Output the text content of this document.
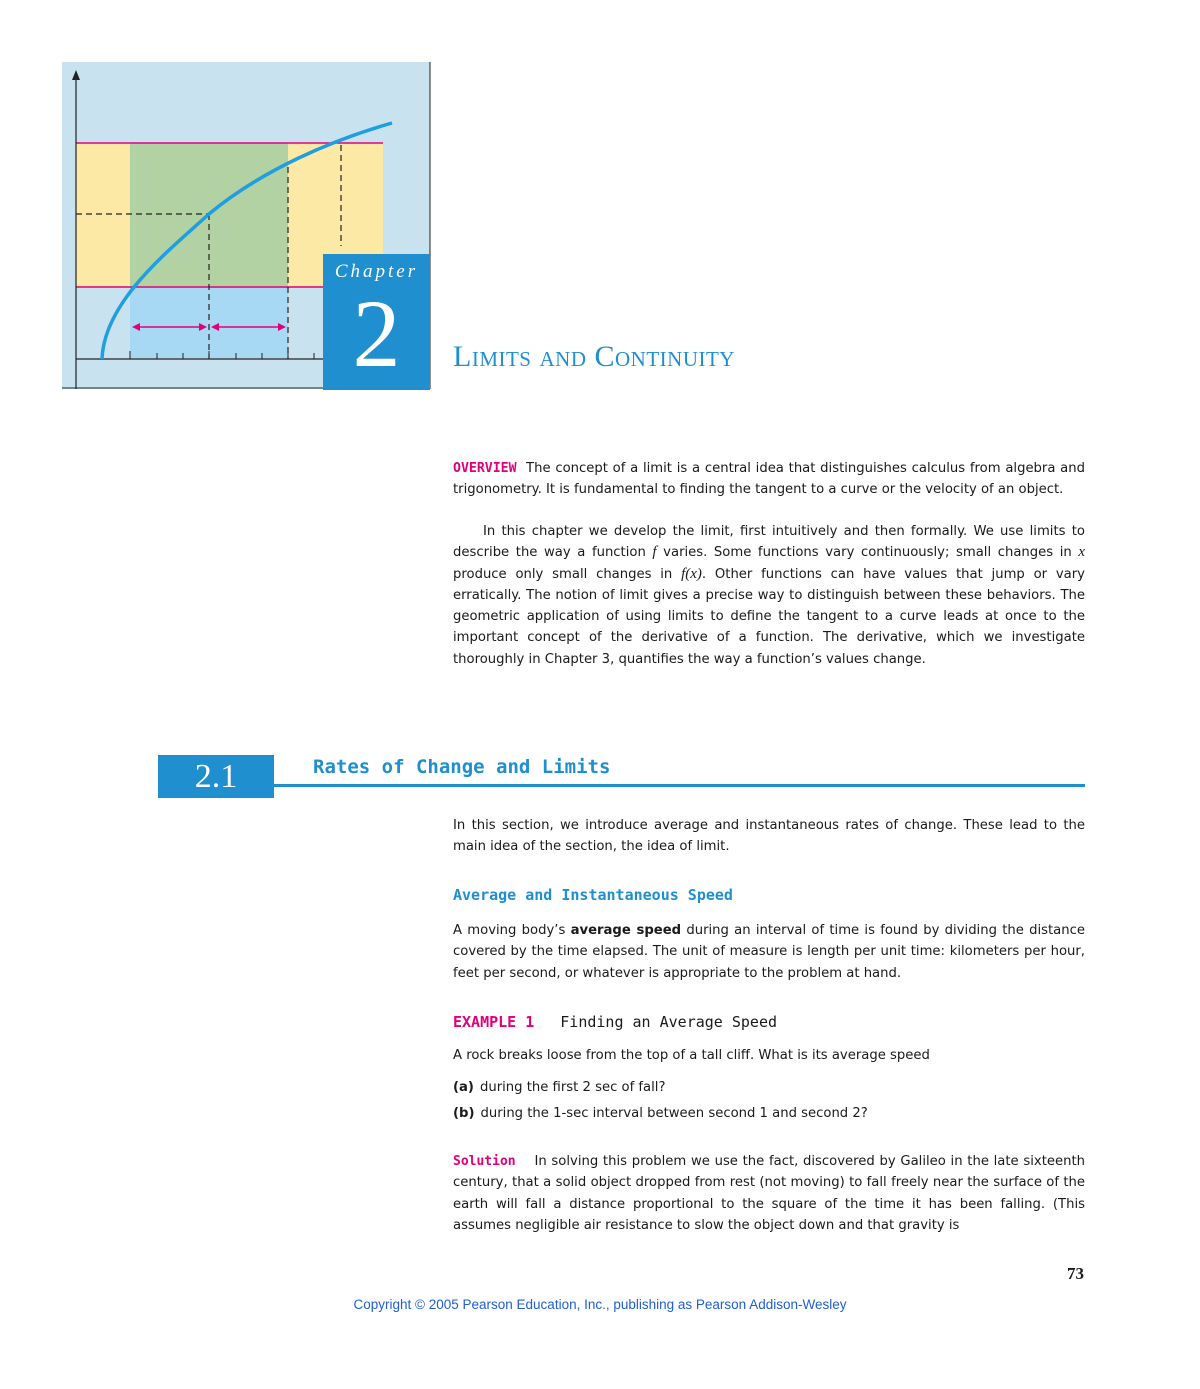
Chapter
2	Limits and Continuity

OVERVIEW The concept of a limit is a central idea that distinguishes calculus from algebra and trigonometry. It is fundamental to finding the tangent to a curve or the velocity of an object.

In this chapter we develop the limit, first intuitively and then formally. We use limits to describe the way a function f varies. Some functions vary continuously; small changes in x produce only small changes in f(x). Other functions can have values that jump or vary erratically. The notion of limit gives a precise way to distinguish between these behaviors. The geometric application of using limits to define the tangent to a curve leads at once to the important concept of the derivative of a function. The derivative, which we investigate thoroughly in Chapter 3, quantifies the way a function’s values change.

2.1	Rates of Change and Limits

In this section, we introduce average and instantaneous rates of change. These lead to the main idea of the section, the idea of limit.

Average and Instantaneous Speed

A moving body’s average speed during an interval of time is found by dividing the distance covered by the time elapsed. The unit of measure is length per unit time: kilometers per hour, feet per second, or whatever is appropriate to the problem at hand.

EXAMPLE 1 Finding an Average Speed

A rock breaks loose from the top of a tall cliff. What is its average speed

(a) during the first 2 sec of fall?
(b) during the 1-sec interval between second 1 and second 2?

Solution In solving this problem we use the fact, discovered by Galileo in the late sixteenth century, that a solid object dropped from rest (not moving) to fall freely near the surface of the earth will fall a distance proportional to the square of the time it has been falling. (This assumes negligible air resistance to slow the object down and that gravity is

73
Copyright © 2005 Pearson Education, Inc., publishing as Pearson Addison-Wesley
